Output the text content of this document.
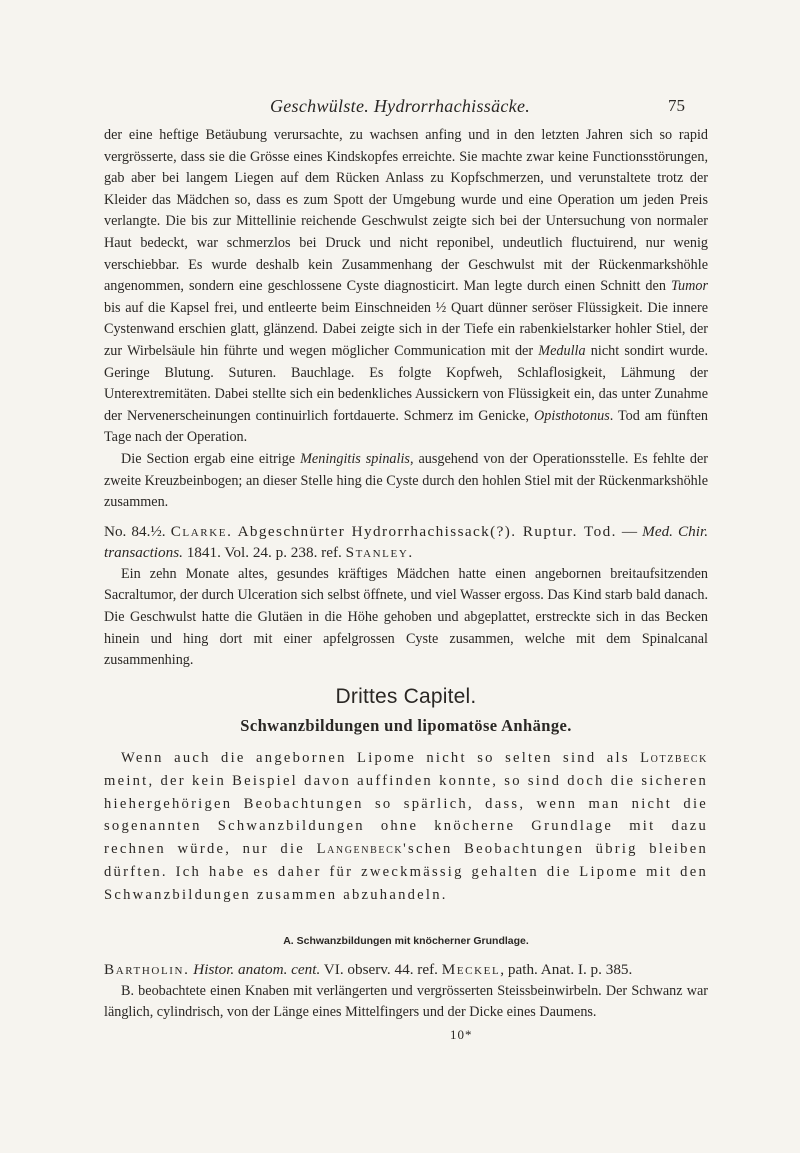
Geschwülste. Hydrorrhachissäcke.	75

der eine heftige Betäubung verursachte, zu wachsen anfing und in den letzten Jahren sich so rapid vergrösserte, dass sie die Grösse eines Kindskopfes erreichte. Sie machte zwar keine Functionsstörungen, gab aber bei langem Liegen auf dem Rücken Anlass zu Kopfschmerzen, und verunstaltete trotz der Kleider das Mädchen so, dass es zum Spott der Umgebung wurde und eine Operation um jeden Preis verlangte. Die bis zur Mittellinie reichende Geschwulst zeigte sich bei der Untersuchung von normaler Haut bedeckt, war schmerzlos bei Druck und nicht reponibel, undeutlich fluctuirend, nur wenig verschiebbar. Es wurde deshalb kein Zusammenhang der Geschwulst mit der Rückenmarkshöhle angenommen, sondern eine geschlossene Cyste diagnosticirt. Man legte durch einen Schnitt den Tumor bis auf die Kapsel frei, und entleerte beim Einschneiden ½ Quart dünner seröser Flüssigkeit. Die innere Cystenwand erschien glatt, glänzend. Dabei zeigte sich in der Tiefe ein rabenkielstarker hohler Stiel, der zur Wirbelsäule hin führte und wegen möglicher Communication mit der Medulla nicht sondirt wurde. Geringe Blutung. Suturen. Bauchlage. Es folgte Kopfweh, Schlaflosigkeit, Lähmung der Unterextremitäten. Dabei stellte sich ein bedenkliches Aussickern von Flüssigkeit ein, das unter Zunahme der Nervenerscheinungen continuirlich fortdauerte. Schmerz im Genicke, Opisthotonus. Tod am fünften Tage nach der Operation.

Die Section ergab eine eitrige Meningitis spinalis, ausgehend von der Operationsstelle. Es fehlte der zweite Kreuzbeinbogen; an dieser Stelle hing die Cyste durch den hohlen Stiel mit der Rückenmarkshöhle zusammen.

No. 84.½. Clarke. Abgeschnürter Hydrorrhachissack(?). Ruptur. Tod. — Med. Chir. transactions. 1841. Vol. 24. p. 238. ref. Stanley.

Ein zehn Monate altes, gesundes kräftiges Mädchen hatte einen angebornen breitaufsitzenden Sacraltumor, der durch Ulceration sich selbst öffnete, und viel Wasser ergoss. Das Kind starb bald danach. Die Geschwulst hatte die Glutäen in die Höhe gehoben und abgeplattet, erstreckte sich in das Becken hinein und hing dort mit einer apfelgrossen Cyste zusammen, welche mit dem Spinalcanal zusammenhing.

Drittes Capitel.

Schwanzbildungen und lipomatöse Anhänge.

Wenn auch die angebornen Lipome nicht so selten sind als Lotzbeck meint, der kein Beispiel davon auffinden konnte, so sind doch die sicheren hiehergehörigen Beobachtungen so spärlich, dass, wenn man nicht die sogenannten Schwanzbildungen ohne knöcherne Grundlage mit dazu rechnen würde, nur die Langenbeck'schen Beobachtungen übrig bleiben dürften. Ich habe es daher für zweckmässig gehalten die Lipome mit den Schwanzbildungen zusammen abzuhandeln.

A. Schwanzbildungen mit knöcherner Grundlage.

Bartholin. Histor. anatom. cent. VI. observ. 44. ref. Meckel, path. Anat. I. p. 385.

B. beobachtete einen Knaben mit verlängerten und vergrösserten Steissbeinwirbeln. Der Schwanz war länglich, cylindrisch, von der Länge eines Mittelfingers und der Dicke eines Daumens.

10*
